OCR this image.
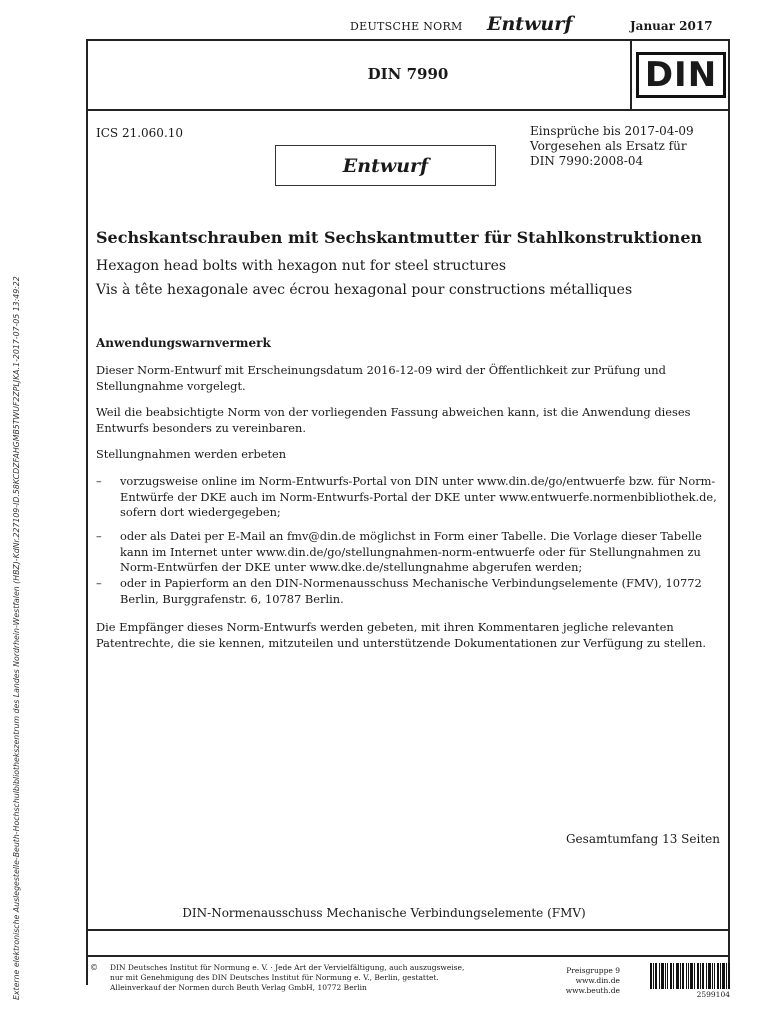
DEUTSCHE NORM Entwurf	Januar 2017
DIN 7990	DIN
ICS 21.060.10	Einsprüche bis 2017-04-09
Vorgesehen als Ersatz für
DIN 7990:2008-04
Entwurf
Sechskantschrauben mit Sechskantmutter für Stahlkonstruktionen
Hexagon head bolts with hexagon nut for steel structures
Vis à tête hexagonale avec écrou hexagonal pour constructions métalliques
Anwendungswarnvermerk
Dieser Norm-Entwurf mit Erscheinungsdatum 2016-12-09 wird der Öffentlichkeit zur Prüfung und Stellungnahme vorgelegt.
Weil die beabsichtigte Norm von der vorliegenden Fassung abweichen kann, ist die Anwendung dieses Entwurfs besonders zu vereinbaren.
Stellungnahmen werden erbeten
–	vorzugsweise online im Norm-Entwurfs-Portal von DIN unter www.din.de/go/entwuerfe bzw. für Norm-Entwürfe der DKE auch im Norm-Entwurfs-Portal der DKE unter www.entwuerfe.normenbibliothek.de, sofern dort wiedergegeben;
–	oder als Datei per E-Mail an fmv@din.de möglichst in Form einer Tabelle. Die Vorlage dieser Tabelle kann im Internet unter www.din.de/go/stellungnahmen-norm-entwuerfe oder für Stellungnahmen zu Norm-Entwürfen der DKE unter www.dke.de/stellungnahme abgerufen werden;
–	oder in Papierform an den DIN-Normenausschuss Mechanische Verbindungselemente (FMV), 10772 Berlin, Burggrafenstr. 6, 10787 Berlin.
Die Empfänger dieses Norm-Entwurfs werden gebeten, mit ihren Kommentaren jegliche relevanten Patentrechte, die sie kennen, mitzuteilen und unterstützende Dokumentationen zur Verfügung zu stellen.
Gesamtumfang 13 Seiten
DIN-Normenausschuss Mechanische Verbindungselemente (FMV)
©	DIN Deutsches Institut für Normung e. V. · Jede Art der Vervielfältigung, auch auszugsweise, nur mit Genehmigung des DIN Deutsches Institut für Normung e. V., Berlin, gestattet. Alleinverkauf der Normen durch Beuth Verlag GmbH, 10772 Berlin
Preisgruppe 9
www.din.de
www.beuth.de	2599104
Externe elektronische Auslegestelle-Beuth-Hochschulbibliothekszentrum des Landes Nordrhein-Westfalen (HBZ)-KdNr.227109-ID.58KCDZFAHGMB5TWUF2ZPLJKA.1-2017-07-05 13:49:22
